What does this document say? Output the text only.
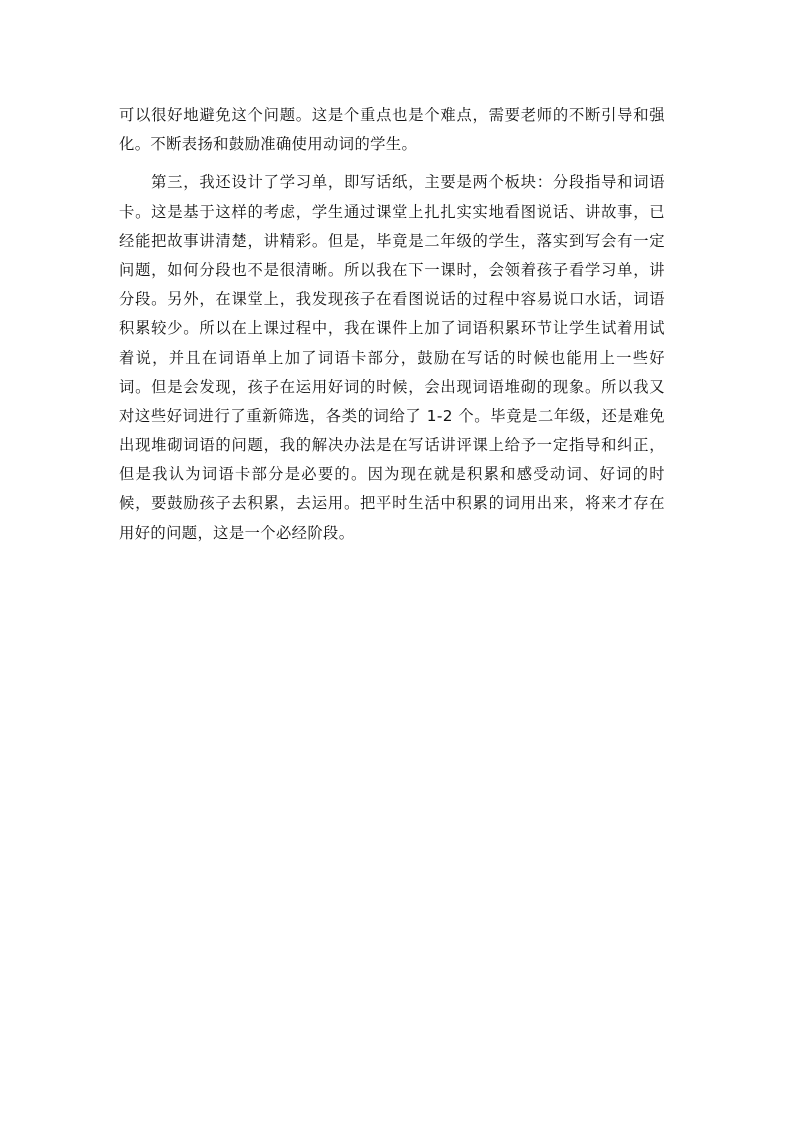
可以很好地避免这个问题。这是个重点也是个难点，需要老师的不断引导和强
化。不断表扬和鼓励准确使用动词的学生。
　　第三，我还设计了学习单，即写话纸，主要是两个板块：分段指导和词语
卡。这是基于这样的考虑，学生通过课堂上扎扎实实地看图说话、讲故事，已
经能把故事讲清楚，讲精彩。但是，毕竟是二年级的学生，落实到写会有一定
问题，如何分段也不是很清晰。所以我在下一课时，会领着孩子看学习单，讲
分段。另外，在课堂上，我发现孩子在看图说话的过程中容易说口水话，词语
积累较少。所以在上课过程中，我在课件上加了词语积累环节让学生试着用试
着说，并且在词语单上加了词语卡部分，鼓励在写话的时候也能用上一些好
词。但是会发现，孩子在运用好词的时候，会出现词语堆砌的现象。所以我又
对这些好词进行了重新筛选，各类的词给了 1-2 个。毕竟是二年级，还是难免
出现堆砌词语的问题，我的解决办法是在写话讲评课上给予一定指导和纠正，
但是我认为词语卡部分是必要的。因为现在就是积累和感受动词、好词的时
候，要鼓励孩子去积累，去运用。把平时生活中积累的词用出来，将来才存在
用好的问题，这是一个必经阶段。
